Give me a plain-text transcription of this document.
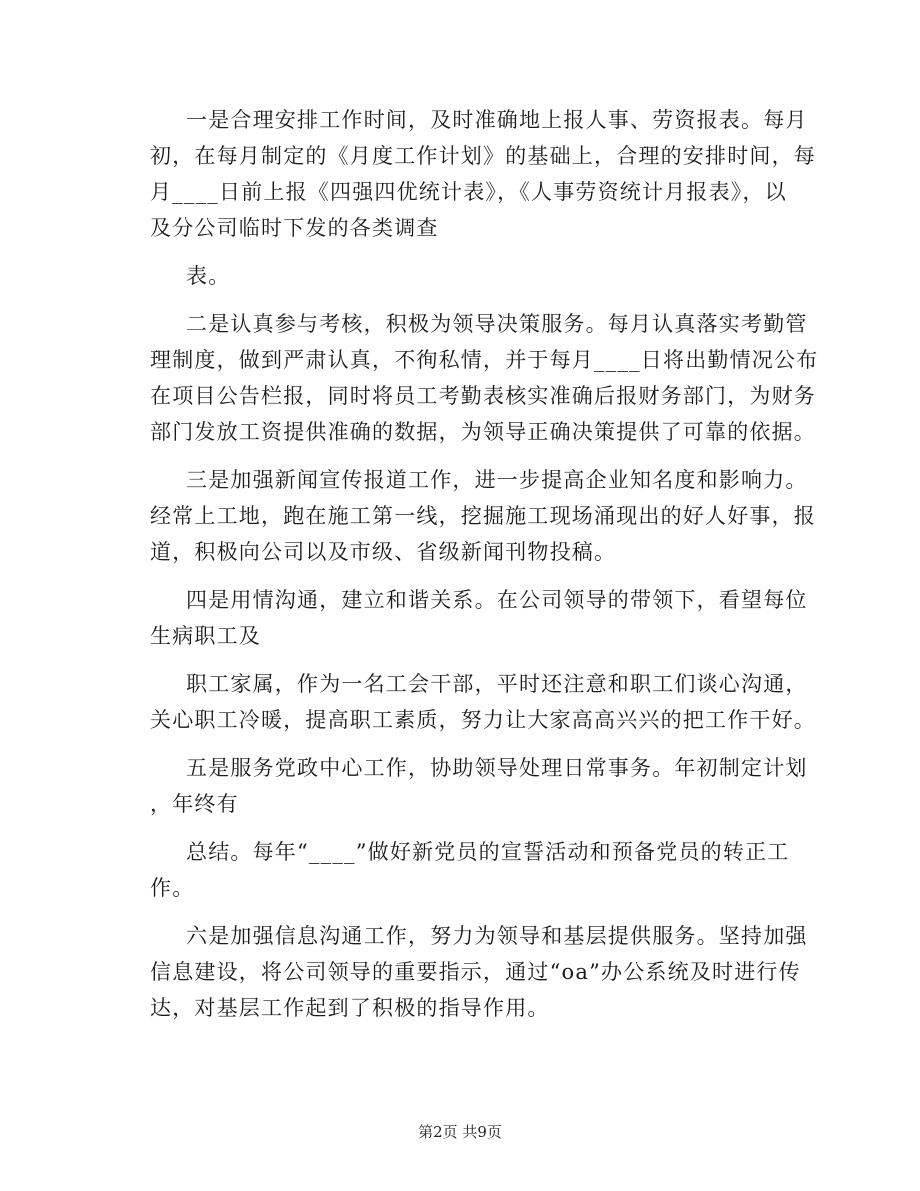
一是合理安排工作时间，及时准确地上报人事、劳资报表。每月
初，在每月制定的《月度工作计划》的基础上，合理的安排时间，每
月____日前上报《四强四优统计表》，《人事劳资统计月报表》，以
及分公司临时下发的各类调查

表。

二是认真参与考核，积极为领导决策服务。每月认真落实考勤管
理制度，做到严肃认真，不徇私情，并于每月____日将出勤情况公布
在项目公告栏报，同时将员工考勤表核实准确后报财务部门，为财务
部门发放工资提供准确的数据，为领导正确决策提供了可靠的依据。

三是加强新闻宣传报道工作，进一步提高企业知名度和影响力。
经常上工地，跑在施工第一线，挖掘施工现场涌现出的好人好事，报
道，积极向公司以及市级、省级新闻刊物投稿。

四是用情沟通，建立和谐关系。在公司领导的带领下，看望每位
生病职工及

职工家属，作为一名工会干部，平时还注意和职工们谈心沟通，
关心职工冷暖，提高职工素质，努力让大家高高兴兴的把工作干好。

五是服务党政中心工作，协助领导处理日常事务。年初制定计划
，年终有

总结。每年“____”做好新党员的宣誓活动和预备党员的转正工
作。

六是加强信息沟通工作，努力为领导和基层提供服务。坚持加强
信息建设，将公司领导的重要指示，通过“oa”办公系统及时进行传
达，对基层工作起到了积极的指导作用。

第2页 共9页
